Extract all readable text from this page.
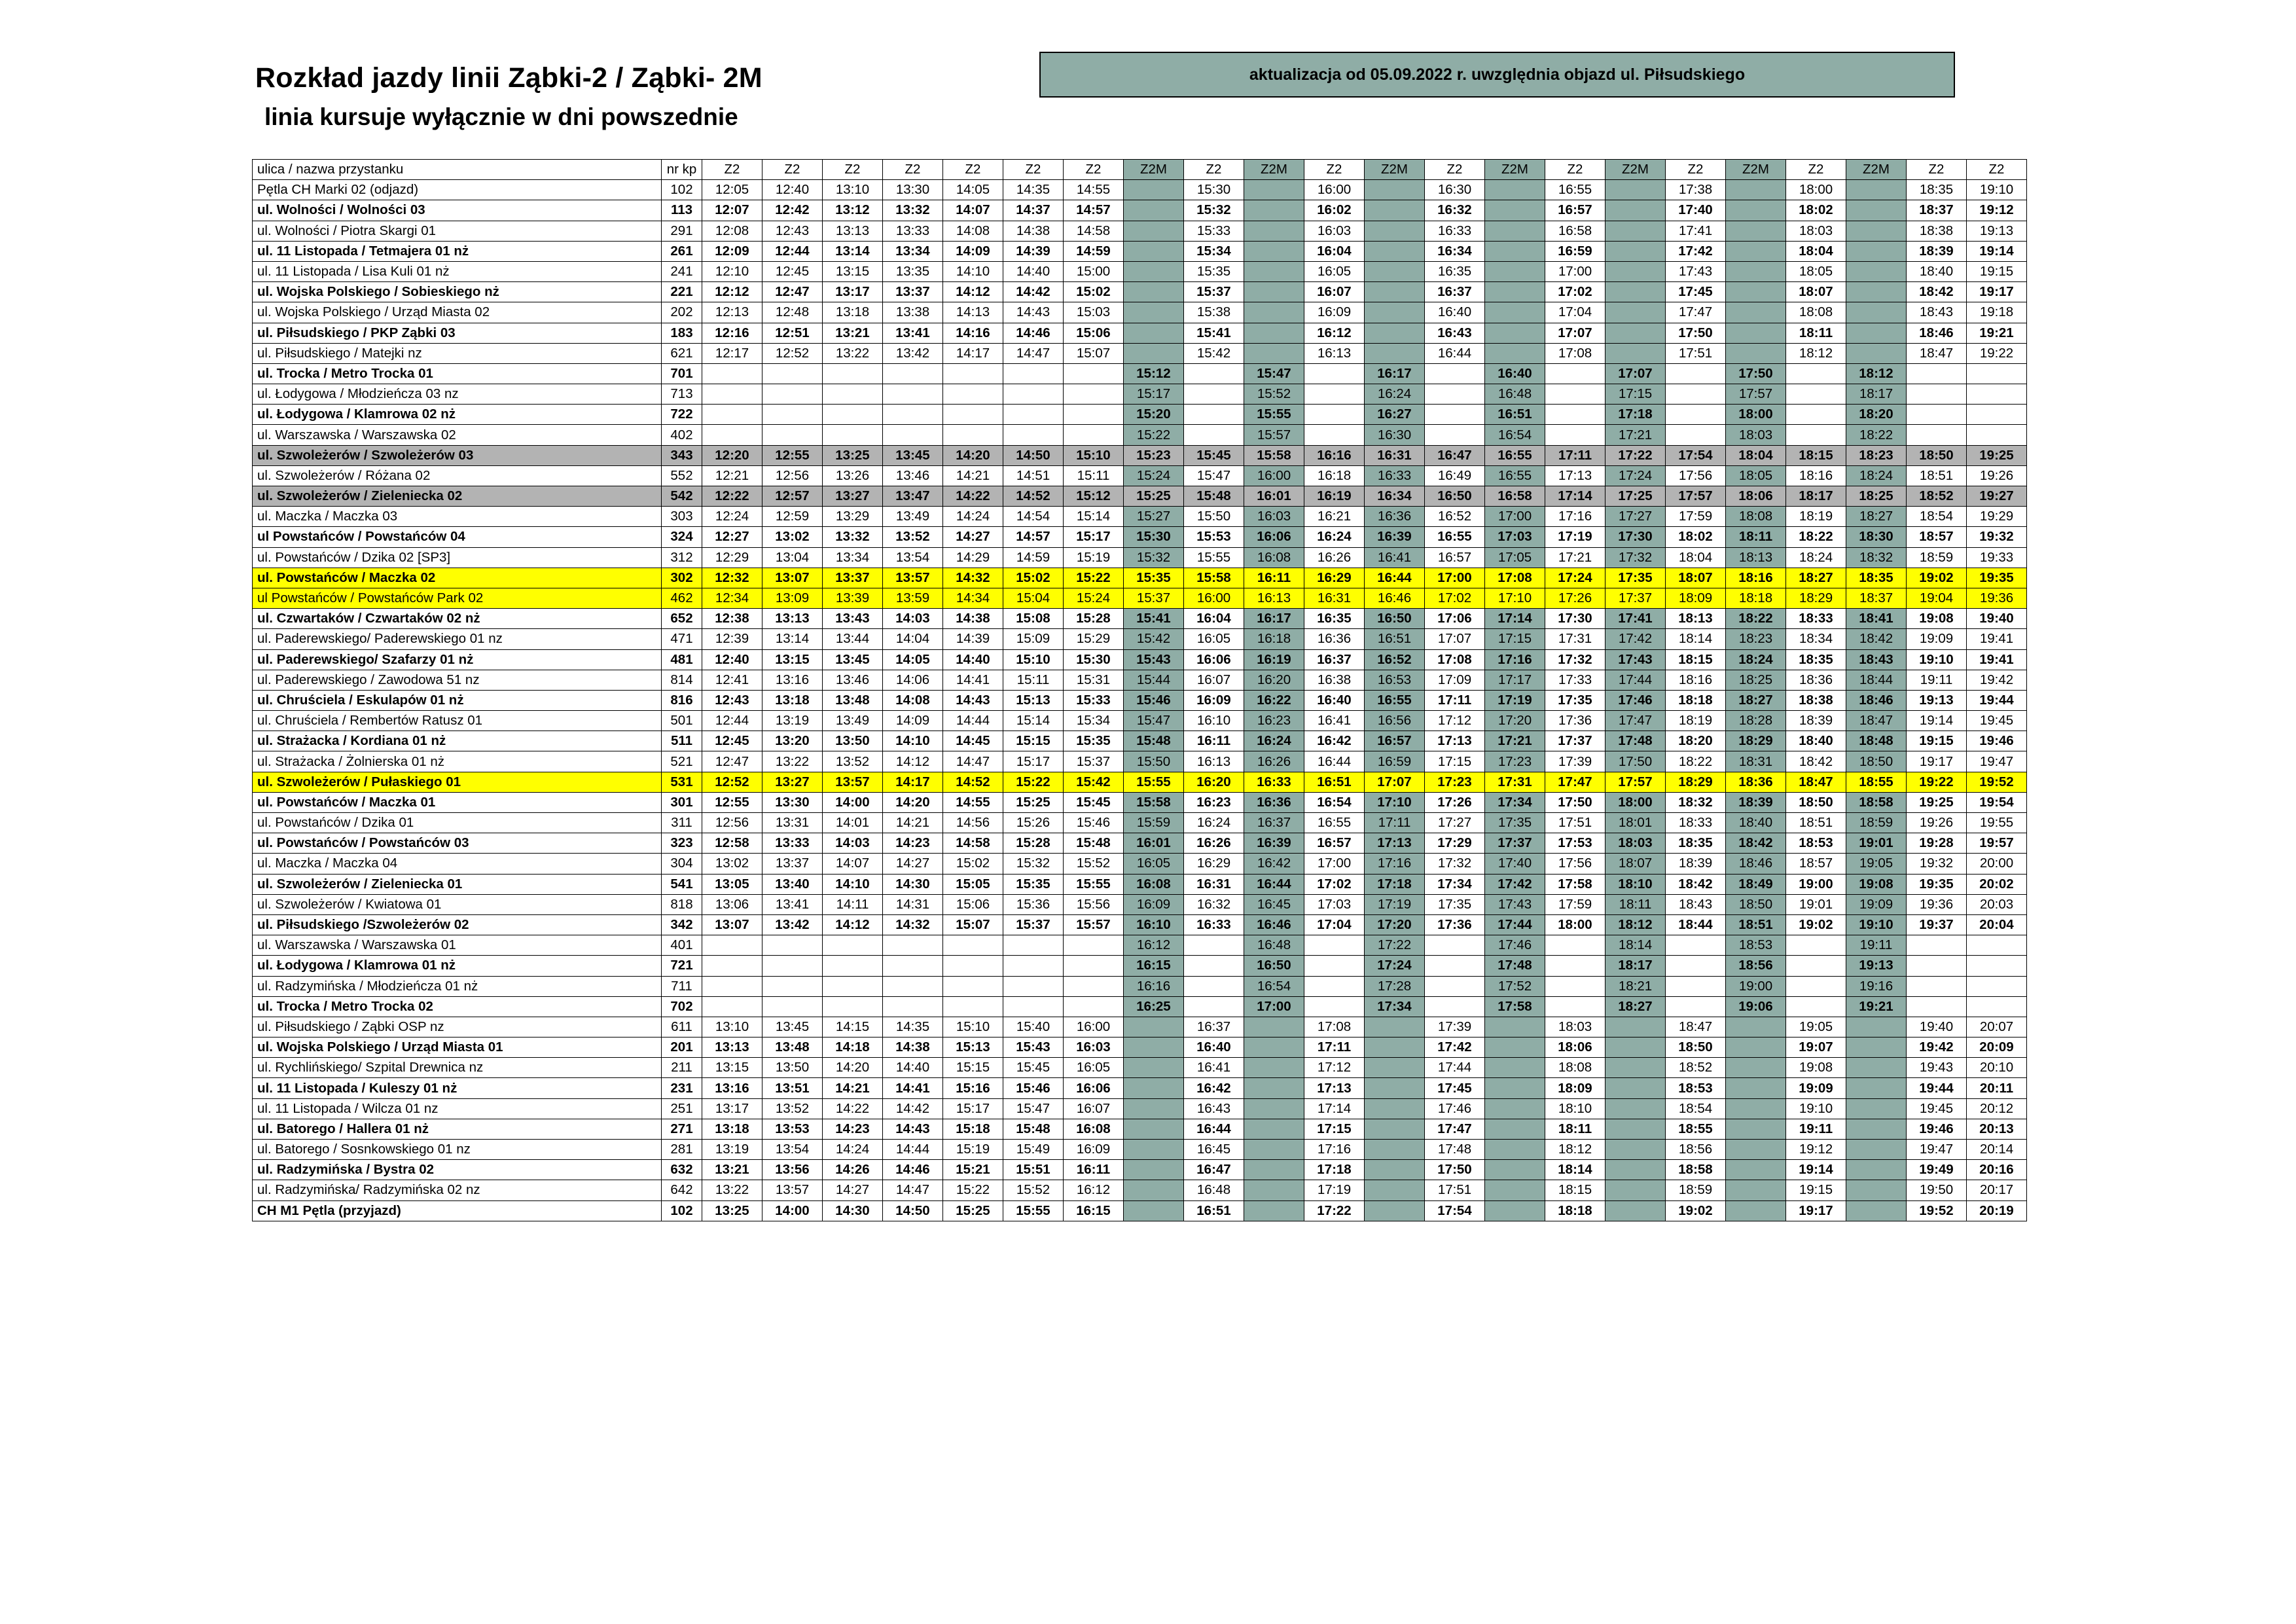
Rozkład jazdy linii Ząbki-2 / Ząbki- 2M
linia kursuje wyłącznie w dni powszednie
aktualizacja od 05.09.2022 r. uwzględnia objazd ul. Piłsudskiego
ulica / nazwa przystanku	nr kp	Z2	Z2	Z2	Z2	Z2	Z2	Z2	Z2M	Z2	Z2M	Z2	Z2M	Z2	Z2M	Z2	Z2M	Z2	Z2M	Z2	Z2M	Z2	Z2
Pętla CH Marki 02 (odjazd)	102	12:05	12:40	13:10	13:30	14:05	14:35	14:55		15:30		16:00		16:30		16:55		17:38		18:00		18:35	19:10
ul. Wolności / Wolności 03	113	12:07	12:42	13:12	13:32	14:07	14:37	14:57		15:32		16:02		16:32		16:57		17:40		18:02		18:37	19:12
ul. Wolności / Piotra Skargi 01	291	12:08	12:43	13:13	13:33	14:08	14:38	14:58		15:33		16:03		16:33		16:58		17:41		18:03		18:38	19:13
ul. 11 Listopada / Tetmajera 01 nż	261	12:09	12:44	13:14	13:34	14:09	14:39	14:59		15:34		16:04		16:34		16:59		17:42		18:04		18:39	19:14
ul. 11 Listopada / Lisa Kuli 01 nż	241	12:10	12:45	13:15	13:35	14:10	14:40	15:00		15:35		16:05		16:35		17:00		17:43		18:05		18:40	19:15
ul. Wojska Polskiego / Sobieskiego nż	221	12:12	12:47	13:17	13:37	14:12	14:42	15:02		15:37		16:07		16:37		17:02		17:45		18:07		18:42	19:17
ul. Wojska Polskiego / Urząd Miasta 02	202	12:13	12:48	13:18	13:38	14:13	14:43	15:03		15:38		16:09		16:40		17:04		17:47		18:08		18:43	19:18
ul. Piłsudskiego / PKP Ząbki 03	183	12:16	12:51	13:21	13:41	14:16	14:46	15:06		15:41		16:12		16:43		17:07		17:50		18:11		18:46	19:21
ul. Piłsudskiego / Matejki nz	621	12:17	12:52	13:22	13:42	14:17	14:47	15:07		15:42		16:13		16:44		17:08		17:51		18:12		18:47	19:22
ul. Trocka / Metro Trocka 01	701								15:12		15:47		16:17		16:40		17:07		17:50		18:12		
ul. Łodygowa / Młodzieńcza 03 nz	713								15:17		15:52		16:24		16:48		17:15		17:57		18:17		
ul. Łodygowa / Klamrowa 02 nż	722								15:20		15:55		16:27		16:51		17:18		18:00		18:20		
ul. Warszawska / Warszawska 02	402								15:22		15:57		16:30		16:54		17:21		18:03		18:22		
ul. Szwoleżerów / Szwoleżerów 03	343	12:20	12:55	13:25	13:45	14:20	14:50	15:10	15:23	15:45	15:58	16:16	16:31	16:47	16:55	17:11	17:22	17:54	18:04	18:15	18:23	18:50	19:25
ul. Szwoleżerów / Różana 02	552	12:21	12:56	13:26	13:46	14:21	14:51	15:11	15:24	15:47	16:00	16:18	16:33	16:49	16:55	17:13	17:24	17:56	18:05	18:16	18:24	18:51	19:26
ul. Szwoleżerów / Zieleniecka 02	542	12:22	12:57	13:27	13:47	14:22	14:52	15:12	15:25	15:48	16:01	16:19	16:34	16:50	16:58	17:14	17:25	17:57	18:06	18:17	18:25	18:52	19:27
ul. Maczka / Maczka 03	303	12:24	12:59	13:29	13:49	14:24	14:54	15:14	15:27	15:50	16:03	16:21	16:36	16:52	17:00	17:16	17:27	17:59	18:08	18:19	18:27	18:54	19:29
ul Powstańców / Powstańców 04	324	12:27	13:02	13:32	13:52	14:27	14:57	15:17	15:30	15:53	16:06	16:24	16:39	16:55	17:03	17:19	17:30	18:02	18:11	18:22	18:30	18:57	19:32
ul. Powstańców / Dzika 02 [SP3]	312	12:29	13:04	13:34	13:54	14:29	14:59	15:19	15:32	15:55	16:08	16:26	16:41	16:57	17:05	17:21	17:32	18:04	18:13	18:24	18:32	18:59	19:33
ul. Powstańców / Maczka 02	302	12:32	13:07	13:37	13:57	14:32	15:02	15:22	15:35	15:58	16:11	16:29	16:44	17:00	17:08	17:24	17:35	18:07	18:16	18:27	18:35	19:02	19:35
ul Powstańców / Powstańców Park 02	462	12:34	13:09	13:39	13:59	14:34	15:04	15:24	15:37	16:00	16:13	16:31	16:46	17:02	17:10	17:26	17:37	18:09	18:18	18:29	18:37	19:04	19:36
ul. Czwartaków / Czwartaków 02 nż	652	12:38	13:13	13:43	14:03	14:38	15:08	15:28	15:41	16:04	16:17	16:35	16:50	17:06	17:14	17:30	17:41	18:13	18:22	18:33	18:41	19:08	19:40
ul. Paderewskiego/ Paderewskiego 01 nz	471	12:39	13:14	13:44	14:04	14:39	15:09	15:29	15:42	16:05	16:18	16:36	16:51	17:07	17:15	17:31	17:42	18:14	18:23	18:34	18:42	19:09	19:41
ul. Paderewskiego/ Szafarzy 01 nż	481	12:40	13:15	13:45	14:05	14:40	15:10	15:30	15:43	16:06	16:19	16:37	16:52	17:08	17:16	17:32	17:43	18:15	18:24	18:35	18:43	19:10	19:41
ul. Paderewskiego / Zawodowa 51 nz	814	12:41	13:16	13:46	14:06	14:41	15:11	15:31	15:44	16:07	16:20	16:38	16:53	17:09	17:17	17:33	17:44	18:16	18:25	18:36	18:44	19:11	19:42
ul. Chruściela / Eskulapów 01 nż	816	12:43	13:18	13:48	14:08	14:43	15:13	15:33	15:46	16:09	16:22	16:40	16:55	17:11	17:19	17:35	17:46	18:18	18:27	18:38	18:46	19:13	19:44
ul. Chruściela / Rembertów Ratusz 01	501	12:44	13:19	13:49	14:09	14:44	15:14	15:34	15:47	16:10	16:23	16:41	16:56	17:12	17:20	17:36	17:47	18:19	18:28	18:39	18:47	19:14	19:45
ul. Strażacka / Kordiana 01 nż	511	12:45	13:20	13:50	14:10	14:45	15:15	15:35	15:48	16:11	16:24	16:42	16:57	17:13	17:21	17:37	17:48	18:20	18:29	18:40	18:48	19:15	19:46
ul. Strażacka / Żolnierska 01 nż	521	12:47	13:22	13:52	14:12	14:47	15:17	15:37	15:50	16:13	16:26	16:44	16:59	17:15	17:23	17:39	17:50	18:22	18:31	18:42	18:50	19:17	19:47
ul. Szwoleżerów / Pułaskiego 01	531	12:52	13:27	13:57	14:17	14:52	15:22	15:42	15:55	16:20	16:33	16:51	17:07	17:23	17:31	17:47	17:57	18:29	18:36	18:47	18:55	19:22	19:52
ul. Powstańców / Maczka 01	301	12:55	13:30	14:00	14:20	14:55	15:25	15:45	15:58	16:23	16:36	16:54	17:10	17:26	17:34	17:50	18:00	18:32	18:39	18:50	18:58	19:25	19:54
ul. Powstańców / Dzika 01	311	12:56	13:31	14:01	14:21	14:56	15:26	15:46	15:59	16:24	16:37	16:55	17:11	17:27	17:35	17:51	18:01	18:33	18:40	18:51	18:59	19:26	19:55
ul. Powstańców / Powstańców 03	323	12:58	13:33	14:03	14:23	14:58	15:28	15:48	16:01	16:26	16:39	16:57	17:13	17:29	17:37	17:53	18:03	18:35	18:42	18:53	19:01	19:28	19:57
ul. Maczka / Maczka 04	304	13:02	13:37	14:07	14:27	15:02	15:32	15:52	16:05	16:29	16:42	17:00	17:16	17:32	17:40	17:56	18:07	18:39	18:46	18:57	19:05	19:32	20:00
ul. Szwoleżerów / Zieleniecka 01	541	13:05	13:40	14:10	14:30	15:05	15:35	15:55	16:08	16:31	16:44	17:02	17:18	17:34	17:42	17:58	18:10	18:42	18:49	19:00	19:08	19:35	20:02
ul. Szwoleżerów / Kwiatowa 01	818	13:06	13:41	14:11	14:31	15:06	15:36	15:56	16:09	16:32	16:45	17:03	17:19	17:35	17:43	17:59	18:11	18:43	18:50	19:01	19:09	19:36	20:03
ul. Piłsudskiego /Szwoleżerów 02	342	13:07	13:42	14:12	14:32	15:07	15:37	15:57	16:10	16:33	16:46	17:04	17:20	17:36	17:44	18:00	18:12	18:44	18:51	19:02	19:10	19:37	20:04
ul. Warszawska / Warszawska 01	401								16:12		16:48		17:22		17:46		18:14		18:53		19:11		
ul. Łodygowa / Klamrowa 01 nż	721								16:15		16:50		17:24		17:48		18:17		18:56		19:13		
ul. Radzymińska / Młodzieńcza 01 nż	711								16:16		16:54		17:28		17:52		18:21		19:00		19:16		
ul. Trocka / Metro Trocka 02	702								16:25		17:00		17:34		17:58		18:27		19:06		19:21		
ul. Piłsudskiego / Ząbki OSP nz	611	13:10	13:45	14:15	14:35	15:10	15:40	16:00		16:37		17:08		17:39		18:03		18:47		19:05		19:40	20:07
ul. Wojska Polskiego / Urząd Miasta 01	201	13:13	13:48	14:18	14:38	15:13	15:43	16:03		16:40		17:11		17:42		18:06		18:50		19:07		19:42	20:09
ul. Rychlińskiego/ Szpital Drewnica nz	211	13:15	13:50	14:20	14:40	15:15	15:45	16:05		16:41		17:12		17:44		18:08		18:52		19:08		19:43	20:10
ul. 11 Listopada / Kuleszy 01 nż	231	13:16	13:51	14:21	14:41	15:16	15:46	16:06		16:42		17:13		17:45		18:09		18:53		19:09		19:44	20:11
ul. 11 Listopada / Wilcza 01 nz	251	13:17	13:52	14:22	14:42	15:17	15:47	16:07		16:43		17:14		17:46		18:10		18:54		19:10		19:45	20:12
ul. Batorego / Hallera 01 nż	271	13:18	13:53	14:23	14:43	15:18	15:48	16:08		16:44		17:15		17:47		18:11		18:55		19:11		19:46	20:13
ul. Batorego / Sosnkowskiego 01 nz	281	13:19	13:54	14:24	14:44	15:19	15:49	16:09		16:45		17:16		17:48		18:12		18:56		19:12		19:47	20:14
ul. Radzymińska / Bystra 02	632	13:21	13:56	14:26	14:46	15:21	15:51	16:11		16:47		17:18		17:50		18:14		18:58		19:14		19:49	20:16
ul. Radzymińska/ Radzymińska 02 nz	642	13:22	13:57	14:27	14:47	15:22	15:52	16:12		16:48		17:19		17:51		18:15		18:59		19:15		19:50	20:17
CH M1 Pętla (przyjazd)	102	13:25	14:00	14:30	14:50	15:25	15:55	16:15		16:51		17:22		17:54		18:18		19:02		19:17		19:52	20:19
